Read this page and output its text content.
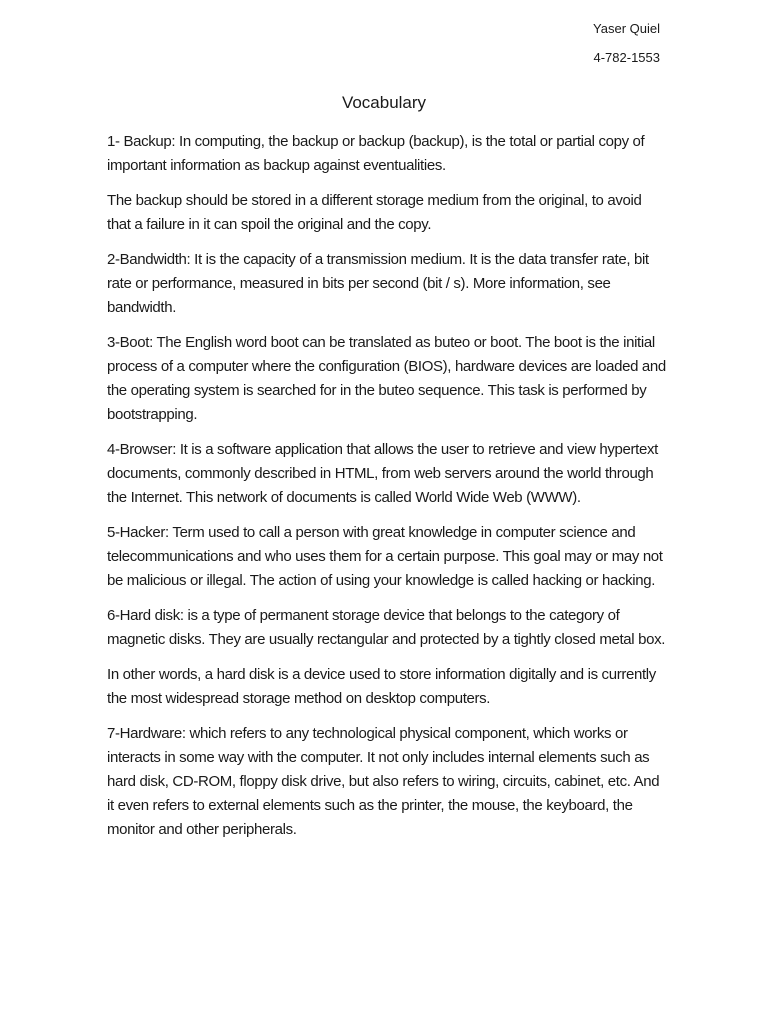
Yaser Quiel
4-782-1553
Vocabulary

1- Backup: In computing, the backup or backup (backup), is the total or partial copy of important information as backup against eventualities.

The backup should be stored in a different storage medium from the original, to avoid that a failure in it can spoil the original and the copy.

2-Bandwidth: It is the capacity of a transmission medium. It is the data transfer rate, bit rate or performance, measured in bits per second (bit / s). More information, see bandwidth.

3-Boot: The English word boot can be translated as buteo or boot. The boot is the initial process of a computer where the configuration (BIOS), hardware devices are loaded and the operating system is searched for in the buteo sequence. This task is performed by bootstrapping.

4-Browser: It is a software application that allows the user to retrieve and view hypertext documents, commonly described in HTML, from web servers around the world through the Internet. This network of documents is called World Wide Web (WWW).

5-Hacker: Term used to call a person with great knowledge in computer science and telecommunications and who uses them for a certain purpose. This goal may or may not be malicious or illegal. The action of using your knowledge is called hacking or hacking.

6-Hard disk: is a type of permanent storage device that belongs to the category of magnetic disks. They are usually rectangular and protected by a tightly closed metal box.

In other words, a hard disk is a device used to store information digitally and is currently the most widespread storage method on desktop computers.

7-Hardware: which refers to any technological physical component, which works or interacts in some way with the computer. It not only includes internal elements such as hard disk, CD-ROM, floppy disk drive, but also refers to wiring, circuits, cabinet, etc. And it even refers to external elements such as the printer, the mouse, the keyboard, the monitor and other peripherals.
